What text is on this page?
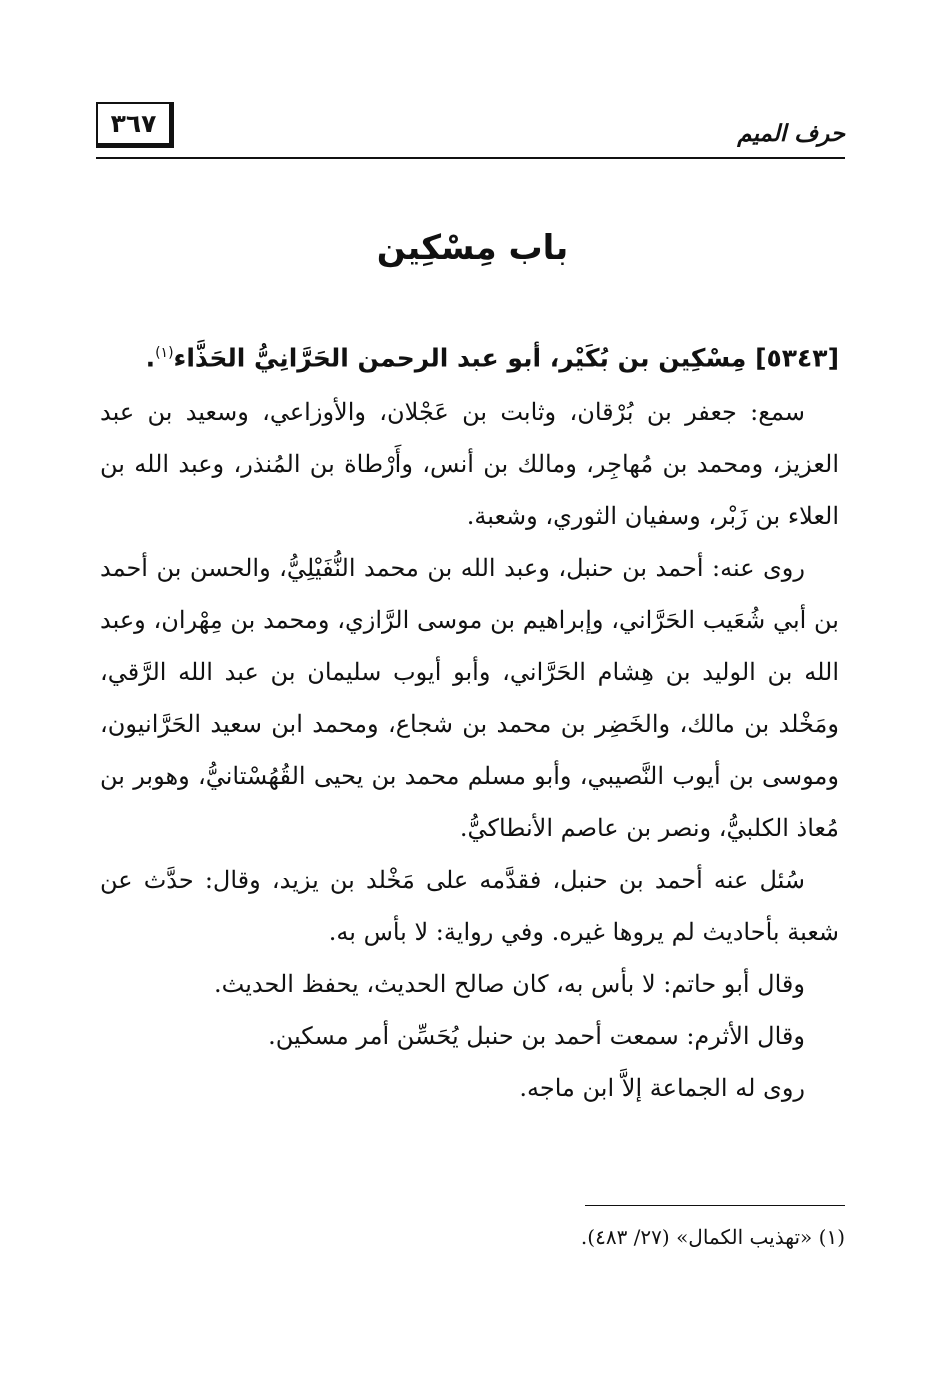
٣٦٧	حرف الميم
باب مِسْكِين
[٥٣٤٣] مِسْكِين بن بُكَيْر، أبو عبد الرحمن الحَرَّانِيُّ الحَذَّاء$^{(١)}$.

سمع: جعفر بن بُرْقان، وثابت بن عَجْلان، والأوزاعي، وسعيد بن عبد العزيز، ومحمد بن مُهاجِر، ومالك بن أنس، وأَرْطاة بن المُنذر، وعبد الله بن العلاء بن زَبْر، وسفيان الثوري، وشعبة.

روى عنه: أحمد بن حنبل، وعبد الله بن محمد النُّفَيْلِيُّ، والحسن بن أحمد بن أبي شُعَيب الحَرَّاني، وإبراهيم بن موسى الرَّازي، ومحمد بن مِهْران، وعبد الله بن الوليد بن هِشام الحَرَّاني، وأبو أيوب سليمان بن عبد الله الرَّقي، ومَخْلد بن مالك، والخَضِر بن محمد بن شجاع، ومحمد ابن سعيد الحَرَّانيون، وموسى بن أيوب النَّصيبي، وأبو مسلم محمد بن يحيى القُهُسْتانيُّ، وهوبر بن مُعاذ الكلبيُّ، ونصر بن عاصم الأنطاكيُّ.

سُئل عنه أحمد بن حنبل، فقدَّمه على مَخْلد بن يزيد، وقال: حدَّث عن شعبة بأحاديث لم يروها غيره. وفي رواية: لا بأس به.

وقال أبو حاتم: لا بأس به، كان صالح الحديث، يحفظ الحديث.

وقال الأثرم: سمعت أحمد بن حنبل يُحَسِّن أمر مسكين.

روى له الجماعة إلاَّ ابن ماجه.

(١) «تهذيب الكمال» (٢٧/ ٤٨٣).
